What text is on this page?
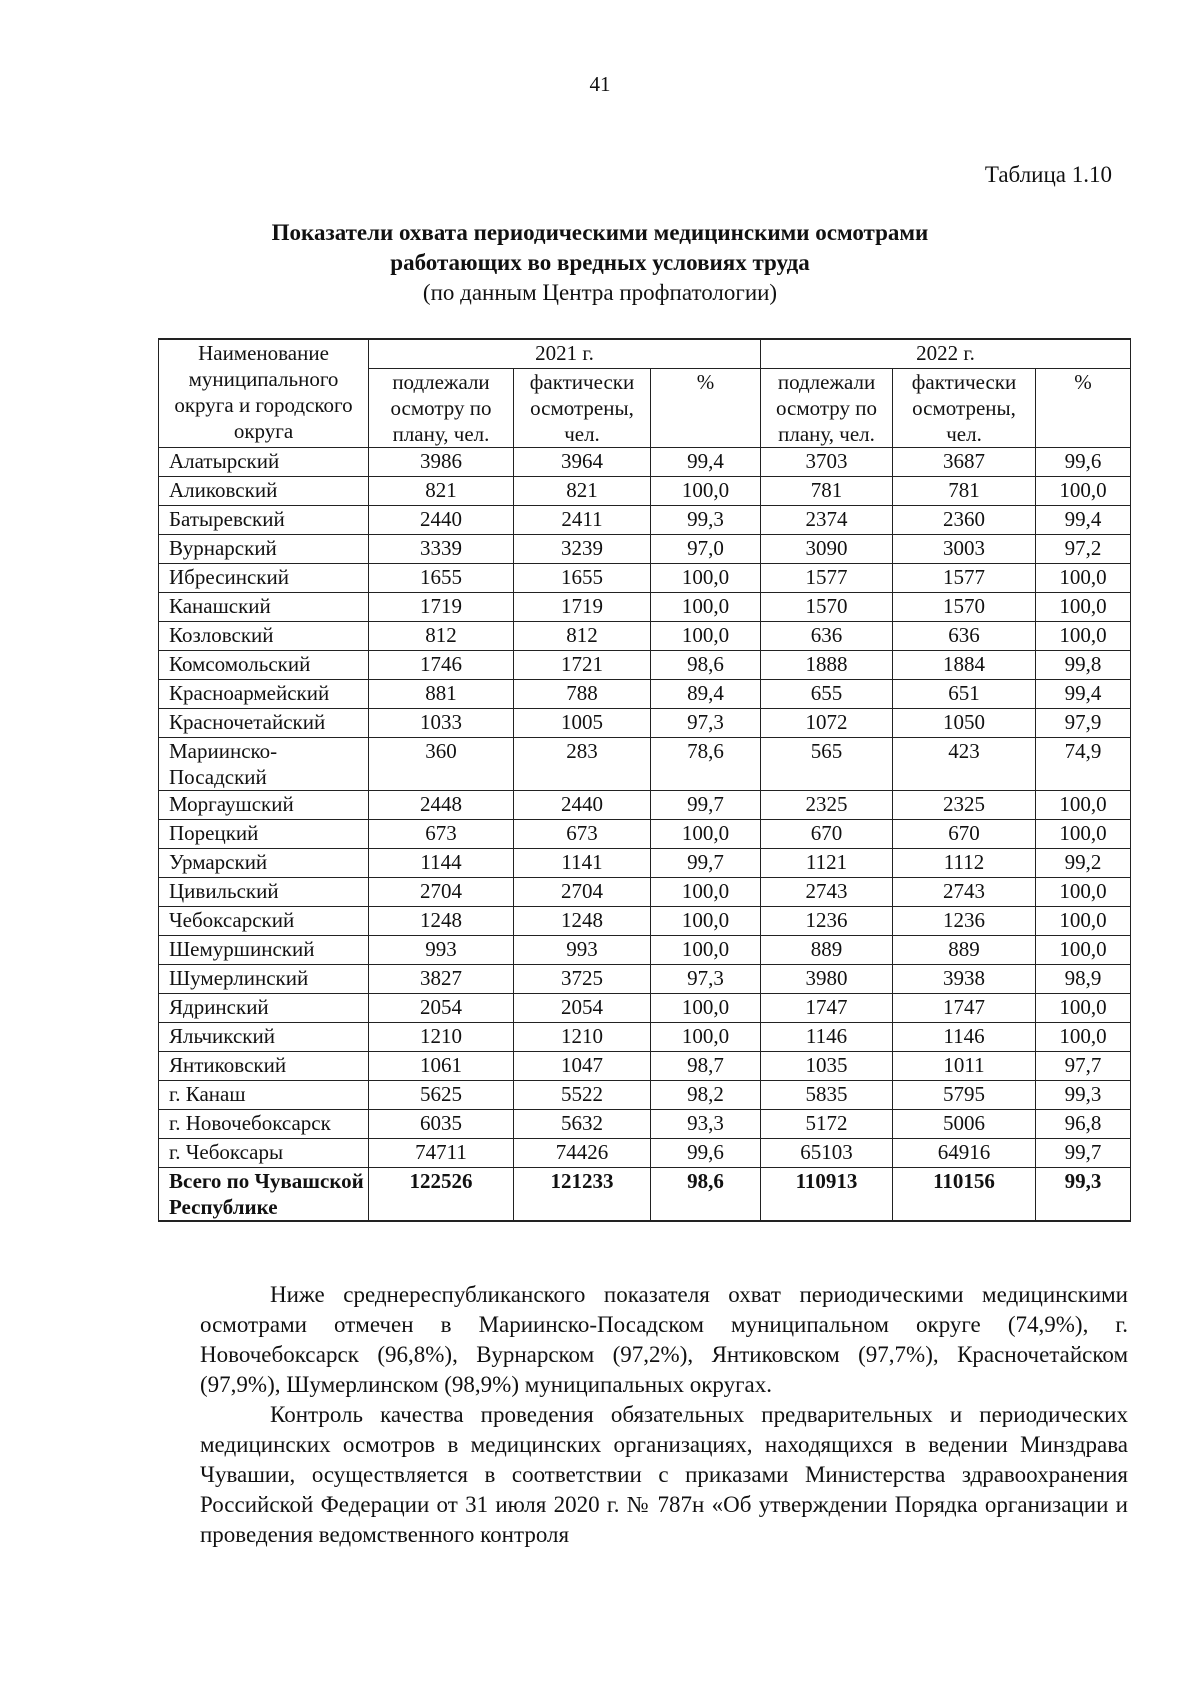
41
Таблица 1.10
Показатели охвата периодическими медицинскими осмотрами
работающих во вредных условиях труда
(по данным Центра профпатологии)
Наименование муниципального округа и городского округа	2021 г.			2022 г.		
	подлежали осмотру по плану, чел.	фактически осмотрены, чел.	%	подлежали осмотру по плану, чел.	фактически осмотрены, чел.	%
Алатырский	3986	3964	99,4	3703	3687	99,6
Аликовский	821	821	100,0	781	781	100,0
Батыревский	2440	2411	99,3	2374	2360	99,4
Вурнарский	3339	3239	97,0	3090	3003	97,2
Ибресинский	1655	1655	100,0	1577	1577	100,0
Канашский	1719	1719	100,0	1570	1570	100,0
Козловский	812	812	100,0	636	636	100,0
Комсомольский	1746	1721	98,6	1888	1884	99,8
Красноармейский	881	788	89,4	655	651	99,4
Красночетайский	1033	1005	97,3	1072	1050	97,9
Мариинско-Посадский	360	283	78,6	565	423	74,9
Моргаушский	2448	2440	99,7	2325	2325	100,0
Порецкий	673	673	100,0	670	670	100,0
Урмарский	1144	1141	99,7	1121	1112	99,2
Цивильский	2704	2704	100,0	2743	2743	100,0
Чебоксарский	1248	1248	100,0	1236	1236	100,0
Шемуршинский	993	993	100,0	889	889	100,0
Шумерлинский	3827	3725	97,3	3980	3938	98,9
Ядринский	2054	2054	100,0	1747	1747	100,0
Яльчикский	1210	1210	100,0	1146	1146	100,0
Янтиковский	1061	1047	98,7	1035	1011	97,7
г. Канаш	5625	5522	98,2	5835	5795	99,3
г. Новочебоксарск	6035	5632	93,3	5172	5006	96,8
г. Чебоксары	74711	74426	99,6	65103	64916	99,7
Всего по Чувашской Республике	122526	121233	98,6	110913	110156	99,3

Ниже среднереспубликанского показателя охват периодическими медицинскими осмотрами отмечен в Мариинско-Посадском муниципальном округе (74,9%), г. Новочебоксарск (96,8%), Вурнарском (97,2%), Янтиковском (97,7%), Красночетайском (97,9%), Шумерлинском (98,9%) муниципальных округах.

Контроль качества проведения обязательных предварительных и периодических медицинских осмотров в медицинских организациях, находящихся в ведении Минздрава Чувашии, осуществляется в соответствии с приказами Министерства здравоохранения Российской Федерации от 31 июля 2020 г. № 787н «Об утверждении Порядка организации и проведения ведомственного контроля
